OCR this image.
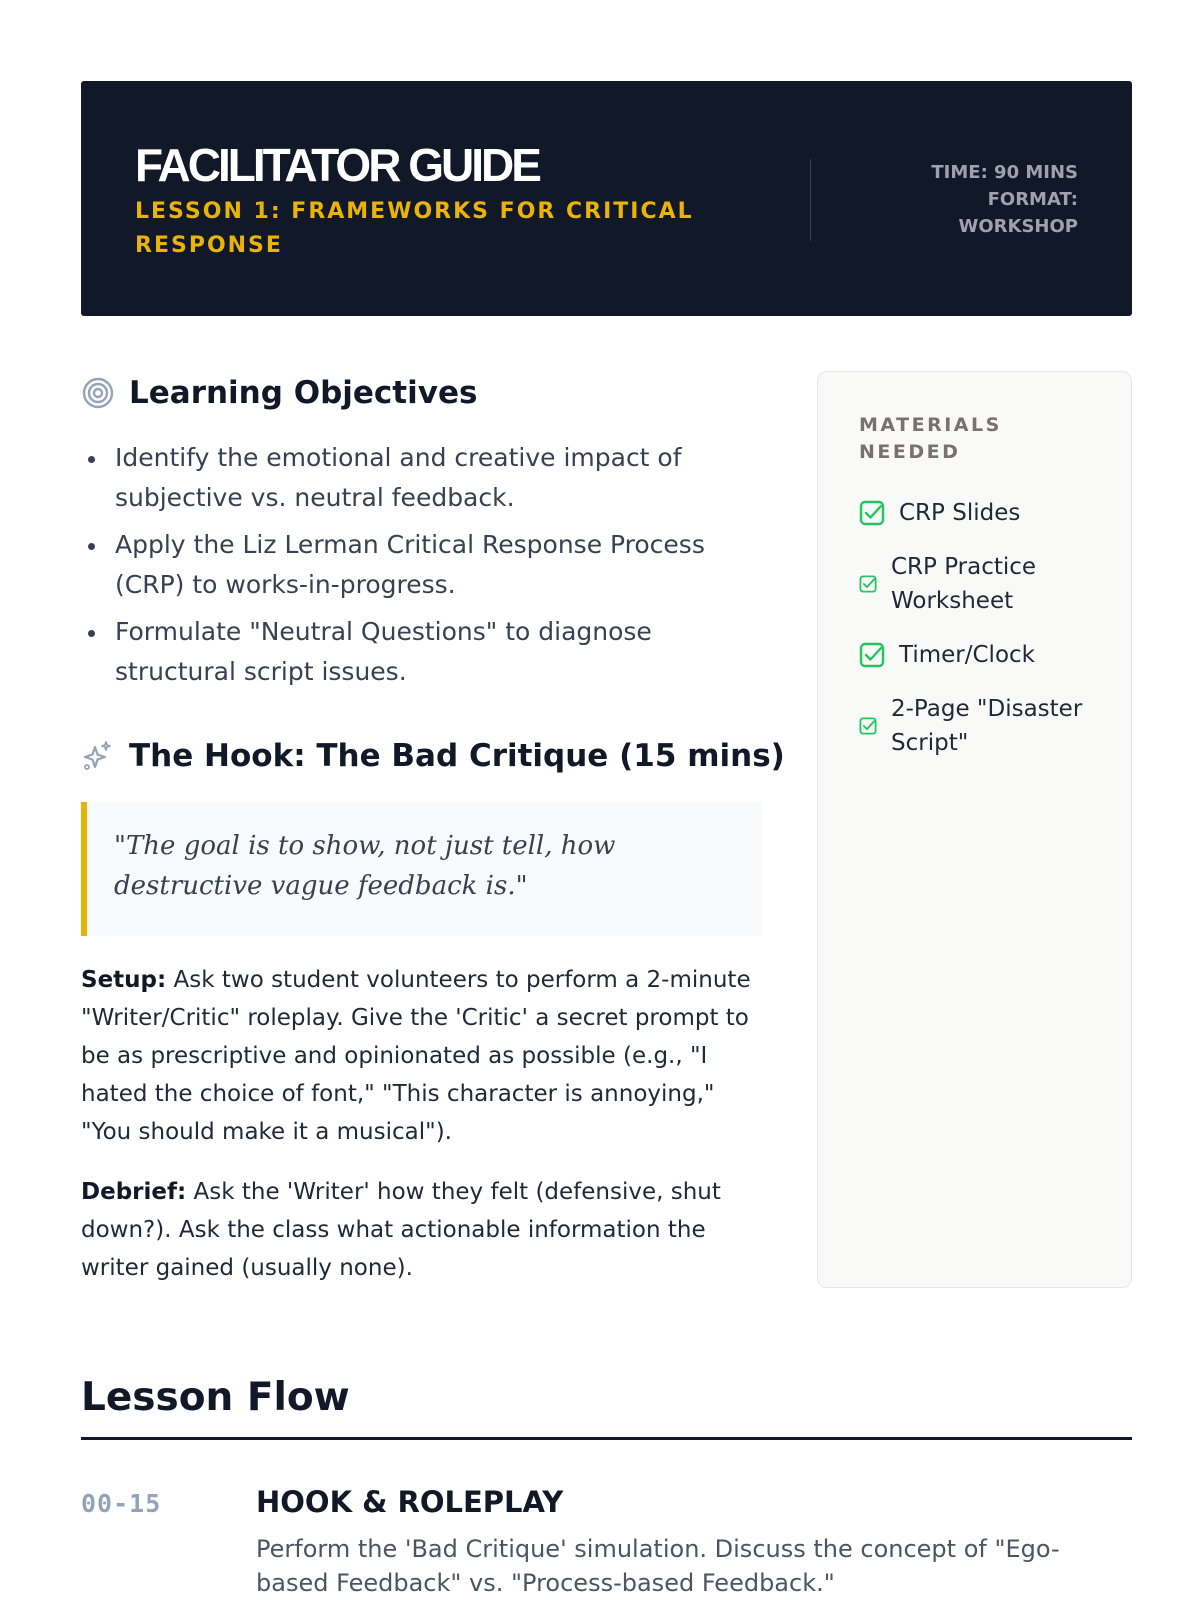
FACILITATOR GUIDE
LESSON 1: FRAMEWORKS FOR CRITICAL RESPONSE
TIME: 90 MINS
FORMAT: WORKSHOP
Learning Objectives
Identify the emotional and creative impact of subjective vs. neutral feedback.
Apply the Liz Lerman Critical Response Process (CRP) to works-in-progress.
Formulate "Neutral Questions" to diagnose structural script issues.
The Hook: The Bad Critique (15 mins)

"The goal is to show, not just tell, how destructive vague feedback is."

Setup: Ask two student volunteers to perform a 2-minute "Writer/Critic" roleplay. Give the 'Critic' a secret prompt to be as prescriptive and opinionated as possible (e.g., "I hated the choice of font," "This character is annoying," "You should make it a musical").
Debrief: Ask the 'Writer' how they felt (defensive, shut down?). Ask the class what actionable information the writer gained (usually none).
MATERIALS NEEDED
CRP Slides
CRP Practice Worksheet
Timer/Clock
2-Page "Disaster Script"
Lesson Flow
00-15	HOOK & ROLEPLAY
Perform the 'Bad Critique' simulation. Discuss the concept of "Ego-based Feedback" vs. "Process-based Feedback."
